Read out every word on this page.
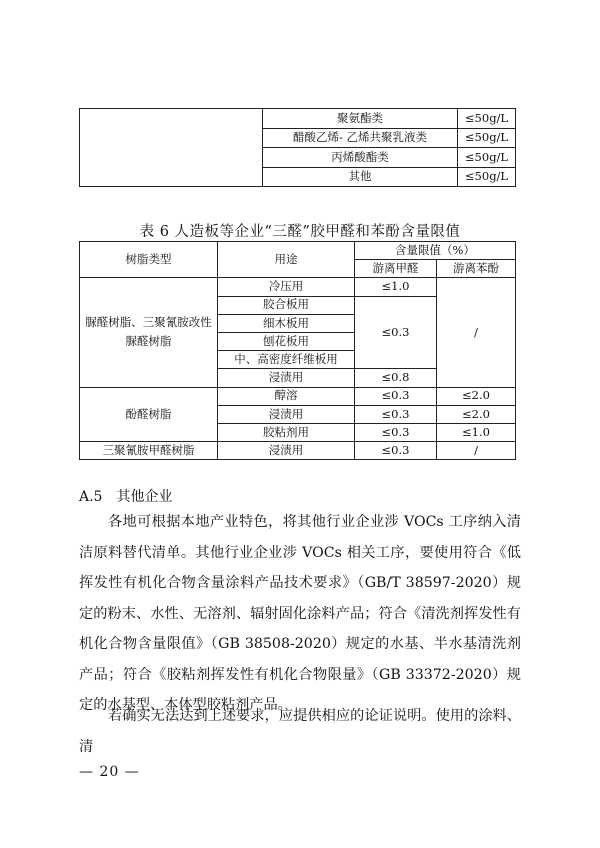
	聚氨酯类	≤50g/L
	醋酸乙烯- 乙烯共聚乳液类	≤50g/L
	丙烯酸酯类	≤50g/L
	其他	≤50g/L
表 6 人造板等企业“三醛”胶甲醛和苯酚含量限值
树脂类型	用途	含量限值（%）	
		游离甲醛	游离苯酚
脲醛树脂、三聚氰胺改性脲醛树脂	冷压用	≤1.0	/
	胶合板用	≤0.3	
	细木板用		
	刨花板用		
	中、高密度纤维板用		
	浸渍用	≤0.8	
酚醛树脂	醇溶	≤0.3	≤2.0
	浸渍用	≤0.3	≤2.0
	胶粘剂用	≤0.3	≤1.0
三聚氰胺甲醛树脂	浸渍用	≤0.3	/
A.5 其他企业

各地可根据本地产业特色，将其他行业企业涉 VOCs 工序纳入清洁原料替代清单。其他行业企业涉 VOCs 相关工序，要使用符合《低挥发性有机化合物含量涂料产品技术要求》（GB/T 38597-2020）规定的粉末、水性、无溶剂、辐射固化涂料产品；符合《清洗剂挥发性有机化合物含量限值》（GB 38508-2020）规定的水基、半水基清洗剂产品；符合《胶粘剂挥发性有机化合物限量》（GB 33372-2020）规定的水基型、本体型胶粘剂产品。

若确实无法达到上述要求，应提供相应的论证说明。使用的涂料、清

— 20 —
